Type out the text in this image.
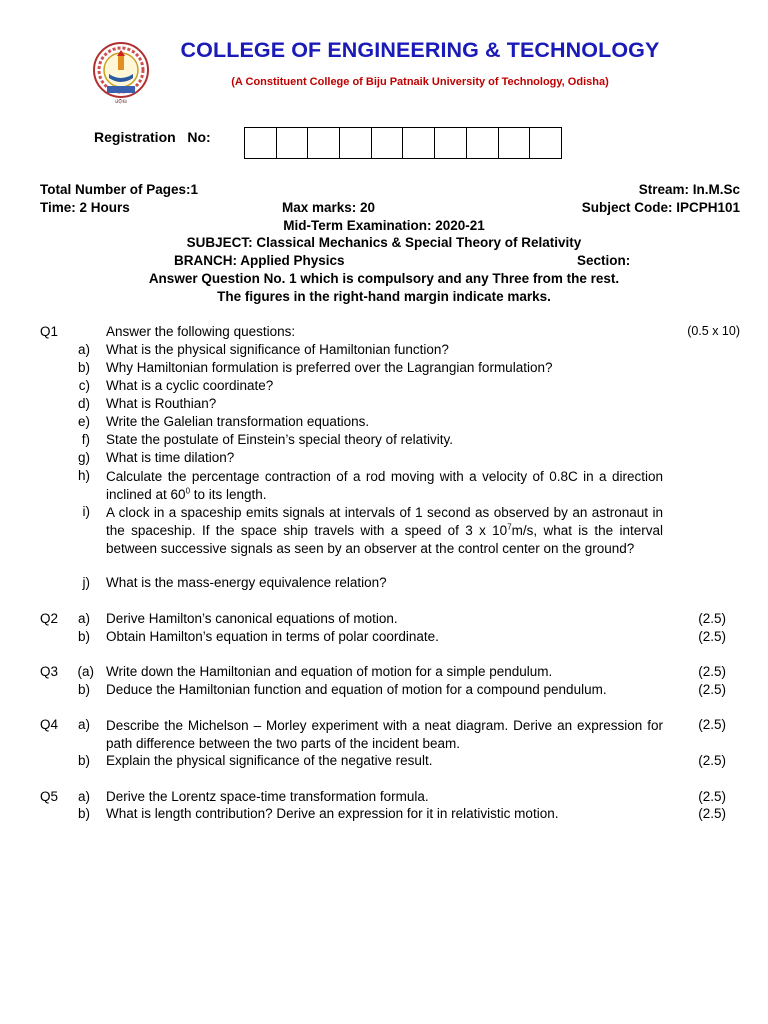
ଓଡ଼ିଶା
COLLEGE OF ENGINEERING & TECHNOLOGY
(A Constituent College of Biju Patnaik University of Technology, Odisha)
Registration   No:
Total Number of Pages:1	Stream: In.M.Sc
Time: 2 Hours	Max marks: 20	Subject Code: IPCPH101
Mid-Term Examination: 2020-21
SUBJECT: Classical Mechanics & Special Theory of Relativity
BRANCH: Applied Physics	Section:
Answer Question No. 1 which is compulsory and any Three from the rest.
The figures in the right-hand margin indicate marks.
Q1	Answer the following questions:	(0.5 x 10)
a) What is the physical significance of Hamiltonian function?
b) Why Hamiltonian formulation is preferred over the Lagrangian formulation?
c) What is a cyclic coordinate?
d) What is Routhian?
e) Write the Galelian transformation equations.
f) State the postulate of Einstein’s special theory of relativity.
g) What is time dilation?
h) Calculate the percentage contraction of a rod moving with a velocity of 0.8C in a direction inclined at $60^0$ to its length.
i) A clock in a spaceship emits signals at intervals of 1 second as observed by an astronaut in the spaceship. If the space ship travels with a speed of 3 x $10^7m/s$, what is the interval between successive signals as seen by an observer at the control center on the ground?
j) What is the mass-energy equivalence relation?
Q2	a) Derive Hamilton’s canonical equations of motion.	(2.5)
b) Obtain Hamilton’s equation in terms of polar coordinate.	(2.5)
Q3	(a) Write down the Hamiltonian and equation of motion for a simple pendulum.	(2.5)
b) Deduce the Hamiltonian function and equation of motion for a compound pendulum.	(2.5)
Q4	a) Describe the Michelson – Morley experiment with a neat diagram. Derive an expression for path difference between the two parts of the incident beam.
(2.5)
b) Explain the physical significance of the negative result.	(2.5)
Q5	a) Derive the Lorentz space-time transformation formula.	(2.5)
b) What is length contribution? Derive an expression for it in relativistic motion.	(2.5)
